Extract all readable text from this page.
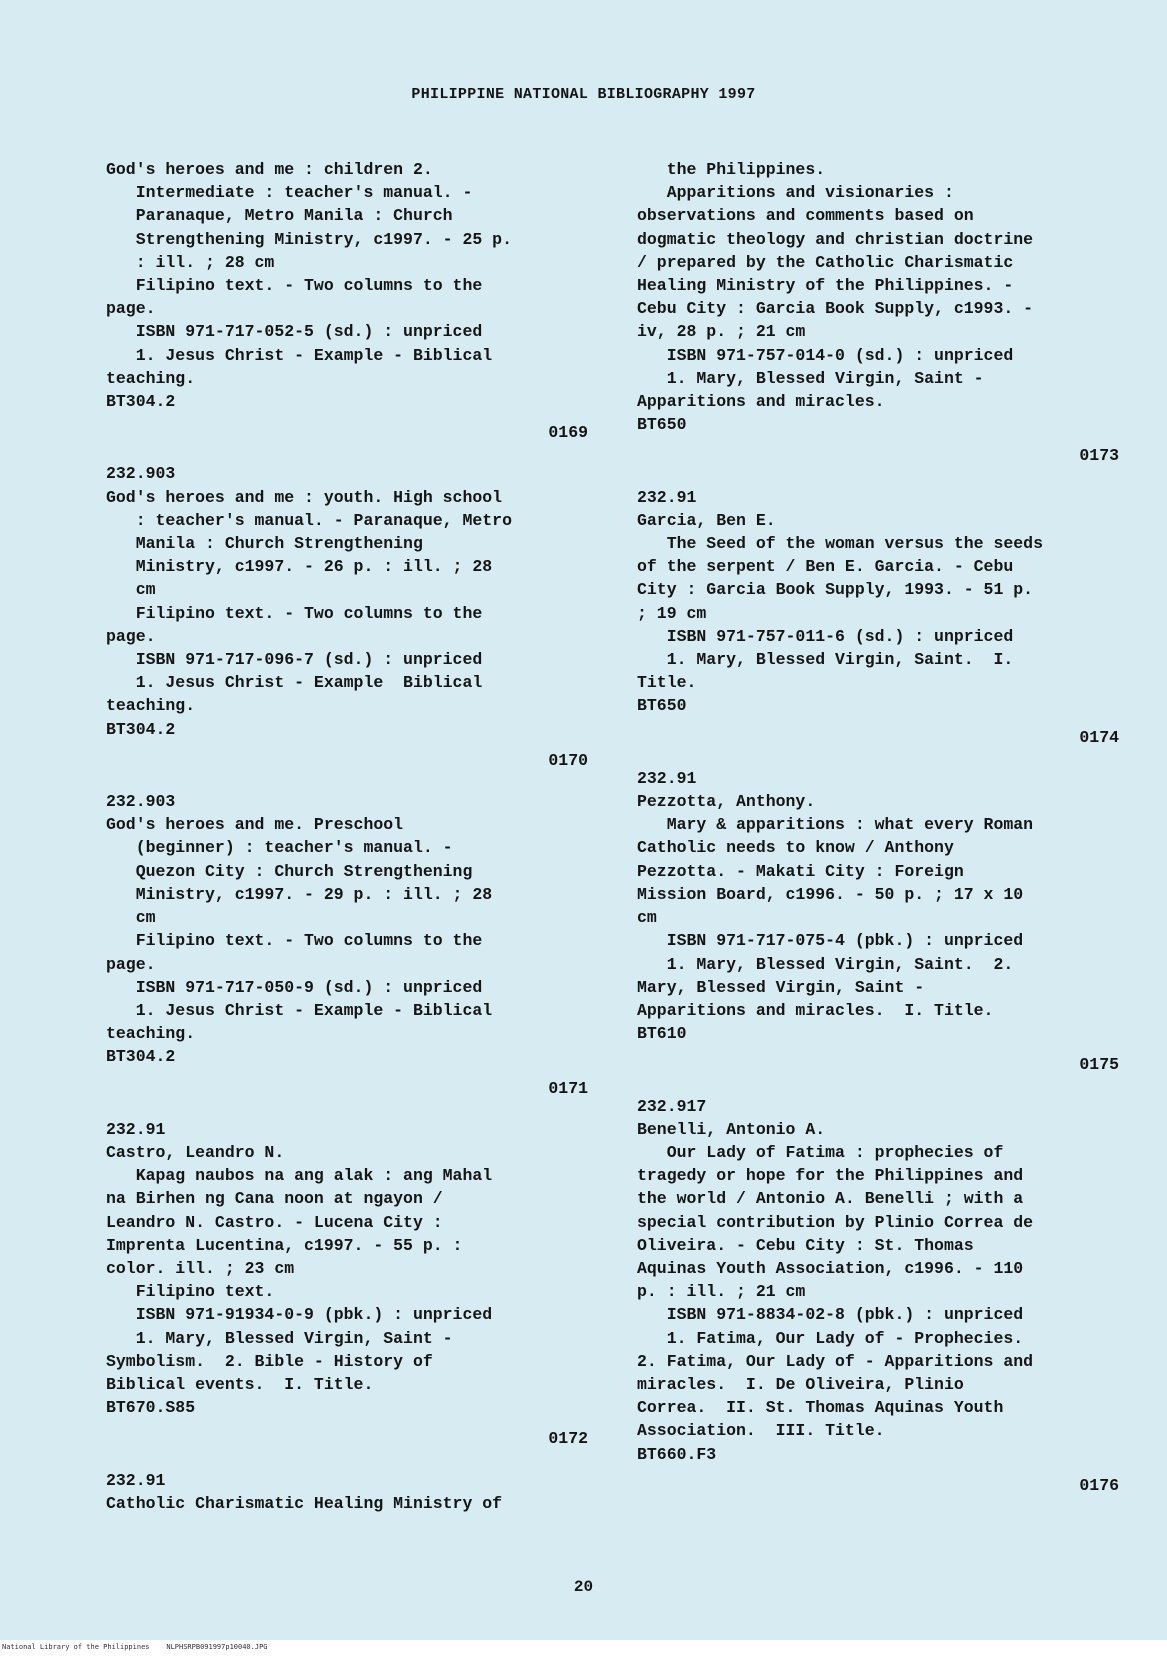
PHILIPPINE NATIONAL BIBLIOGRAPHY 1997
God's heroes and me : children 2.
Intermediate : teacher's manual. -
Paranaque, Metro Manila : Church
Strengthening Ministry, c1997. - 25 p.
: ill. ; 28 cm
Filipino text. - Two columns to the
page.
ISBN 971-717-052-5 (sd.) : unpriced
1. Jesus Christ - Example - Biblical
teaching.
BT304.2
0169
232.903
God's heroes and me : youth. High school
: teacher's manual. - Paranaque, Metro
Manila : Church Strengthening
Ministry, c1997. - 26 p. : ill. ; 28
cm
Filipino text. - Two columns to the
page.
ISBN 971-717-096-7 (sd.) : unpriced
1. Jesus Christ - Example  Biblical
teaching.
BT304.2
0170
232.903
God's heroes and me. Preschool
(beginner) : teacher's manual. -
Quezon City : Church Strengthening
Ministry, c1997. - 29 p. : ill. ; 28
cm
Filipino text. - Two columns to the
page.
ISBN 971-717-050-9 (sd.) : unpriced
1. Jesus Christ - Example - Biblical
teaching.
BT304.2
0171
232.91
Castro, Leandro N.
Kapag naubos na ang alak : ang Mahal
na Birhen ng Cana noon at ngayon /
Leandro N. Castro. - Lucena City :
Imprenta Lucentina, c1997. - 55 p. :
color. ill. ; 23 cm
Filipino text.
ISBN 971-91934-0-9 (pbk.) : unpriced
1. Mary, Blessed Virgin, Saint -
Symbolism.  2. Bible - History of
Biblical events.  I. Title.
BT670.S85
0172
232.91
Catholic Charismatic Healing Ministry of
the Philippines.
Apparitions and visionaries :
observations and comments based on
dogmatic theology and christian doctrine
/ prepared by the Catholic Charismatic
Healing Ministry of the Philippines. -
Cebu City : Garcia Book Supply, c1993. -
iv, 28 p. ; 21 cm
ISBN 971-757-014-0 (sd.) : unpriced
1. Mary, Blessed Virgin, Saint -
Apparitions and miracles.
BT650
0173
232.91
Garcia, Ben E.
The Seed of the woman versus the seeds
of the serpent / Ben E. Garcia. - Cebu
City : Garcia Book Supply, 1993. - 51 p.
; 19 cm
ISBN 971-757-011-6 (sd.) : unpriced
1. Mary, Blessed Virgin, Saint.  I.
Title.
BT650
0174
232.91
Pezzotta, Anthony.
Mary & apparitions : what every Roman
Catholic needs to know / Anthony
Pezzotta. - Makati City : Foreign
Mission Board, c1996. - 50 p. ; 17 x 10
cm
ISBN 971-717-075-4 (pbk.) : unpriced
1. Mary, Blessed Virgin, Saint.  2.
Mary, Blessed Virgin, Saint -
Apparitions and miracles.  I. Title.
BT610
0175
232.917
Benelli, Antonio A.
Our Lady of Fatima : prophecies of
tragedy or hope for the Philippines and
the world / Antonio A. Benelli ; with a
special contribution by Plinio Correa de
Oliveira. - Cebu City : St. Thomas
Aquinas Youth Association, c1996. - 110
p. : ill. ; 21 cm
ISBN 971-8834-02-8 (pbk.) : unpriced
1. Fatima, Our Lady of - Prophecies.
2. Fatima, Our Lady of - Apparitions and
miracles.  I. De Oliveira, Plinio
Correa.  II. St. Thomas Aquinas Youth
Association.  III. Title.
BT660.F3
0176
20
National Library of the Philippines    NLPHSRPB091997p10040.JPG
